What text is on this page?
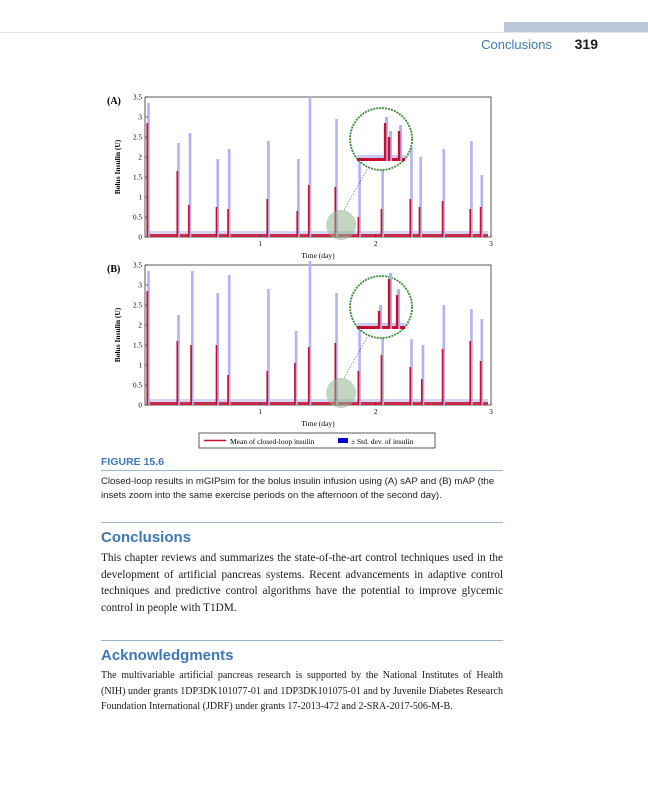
Conclusions 319
0
0.5
1
1.5
2
2.5
3
3.5
1	2	3
Time (day)
Bolus Insulin (U)
(A)
0
0.5
1
1.5
2
2.5
3
3.5
1	2	3
Time (day)
Bolus Insulin (U)
(B)
Mean of closed-loop insulin	± Std. dev. of insulin
FIGURE 15.6
Closed-loop results in mGIPsim for the bolus insulin infusion using (A) sAP and (B) mAP (the insets zoom into the same exercise periods on the afternoon of the second day).
Conclusions

This chapter reviews and summarizes the state-of-the-art control techniques used in the development of artificial pancreas systems. Recent advancements in adaptive control techniques and predictive control algorithms have the potential to improve glycemic control in people with T1DM.

Acknowledgments

The multivariable artificial pancreas research is supported by the National Institutes of Health (NIH) under grants 1DP3DK101077-01 and 1DP3DK101075-01 and by Juvenile Diabetes Research Foundation International (JDRF) under grants 17-2013-472 and 2-SRA-2017-506-M-B.
